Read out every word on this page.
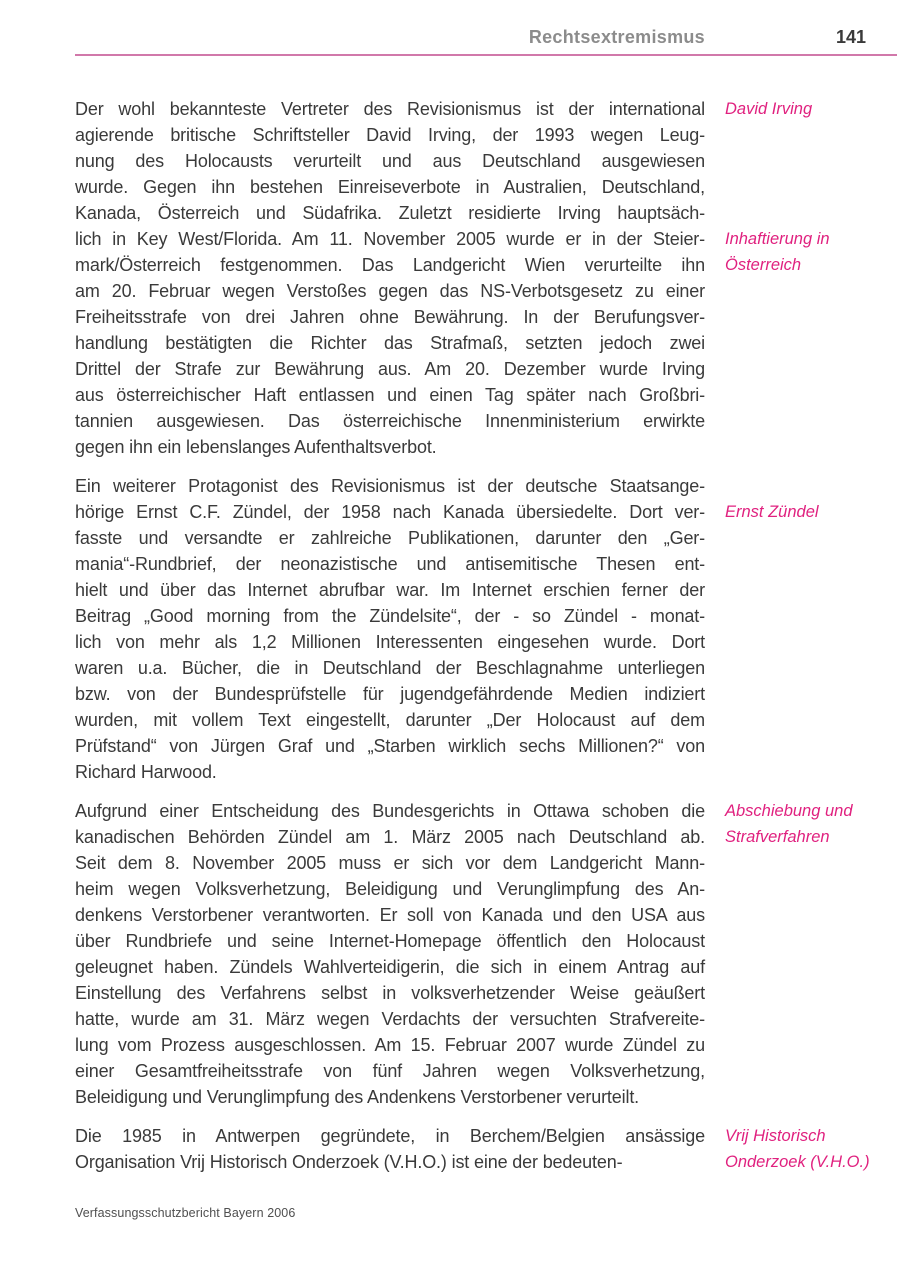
Rechtsextremismus	141
Der wohl bekannteste Vertreter des Revisionismus ist der international
agierende britische Schriftsteller David Irving, der 1993 wegen Leug-
nung des Holocausts verurteilt und aus Deutschland ausgewiesen
wurde. Gegen ihn bestehen Einreiseverbote in Australien, Deutschland,
Kanada, Österreich und Südafrika. Zuletzt residierte Irving hauptsäch-
lich in Key West/Florida. Am 11. November 2005 wurde er in der Steier-
mark/Österreich festgenommen. Das Landgericht Wien verurteilte ihn
am 20. Februar wegen Verstoßes gegen das NS-Verbotsgesetz zu einer
Freiheitsstrafe von drei Jahren ohne Bewährung. In der Berufungsver-
handlung bestätigten die Richter das Strafmaß, setzten jedoch zwei
Drittel der Strafe zur Bewährung aus. Am 20. Dezember wurde Irving
aus österreichischer Haft entlassen und einen Tag später nach Großbri-
tannien ausgewiesen. Das österreichische Innenministerium erwirkte
gegen ihn ein lebenslanges Aufenthaltsverbot.
Ein weiterer Protagonist des Revisionismus ist der deutsche Staatsange-
hörige Ernst C.F. Zündel, der 1958 nach Kanada übersiedelte. Dort ver-
fasste und versandte er zahlreiche Publikationen, darunter den „Ger-
mania“-Rundbrief, der neonazistische und antisemitische Thesen ent-
hielt und über das Internet abrufbar war. Im Internet erschien ferner der
Beitrag „Good morning from the Zündelsite“, der - so Zündel - monat-
lich von mehr als 1,2 Millionen Interessenten eingesehen wurde. Dort
waren u.a. Bücher, die in Deutschland der Beschlagnahme unterliegen
bzw. von der Bundesprüfstelle für jugendgefährdende Medien indiziert
wurden, mit vollem Text eingestellt, darunter „Der Holocaust auf dem
Prüfstand“ von Jürgen Graf und „Starben wirklich sechs Millionen?“ von
Richard Harwood.
Aufgrund einer Entscheidung des Bundesgerichts in Ottawa schoben die
kanadischen Behörden Zündel am 1. März 2005 nach Deutschland ab.
Seit dem 8. November 2005 muss er sich vor dem Landgericht Mann-
heim wegen Volksverhetzung, Beleidigung und Verunglimpfung des An-
denkens Verstorbener verantworten. Er soll von Kanada und den USA aus
über Rundbriefe und seine Internet-Homepage öffentlich den Holocaust
geleugnet haben. Zündels Wahlverteidigerin, die sich in einem Antrag auf
Einstellung des Verfahrens selbst in volksverhetzender Weise geäußert
hatte, wurde am 31. März wegen Verdachts der versuchten Strafvereite-
lung vom Prozess ausgeschlossen. Am 15. Februar 2007 wurde Zündel zu
einer Gesamtfreiheitsstrafe von fünf Jahren wegen Volksverhetzung,
Beleidigung und Verunglimpfung des Andenkens Verstorbener verurteilt.
Die 1985 in Antwerpen gegründete, in Berchem/Belgien ansässige
Organisation Vrij Historisch Onderzoek (V.H.O.) ist eine der bedeuten-
David Irving
Inhaftierung in
Österreich
Ernst Zündel
Abschiebung und
Strafverfahren
Vrij Historisch
Onderzoek (V.H.O.)
Verfassungsschutzbericht Bayern 2006
